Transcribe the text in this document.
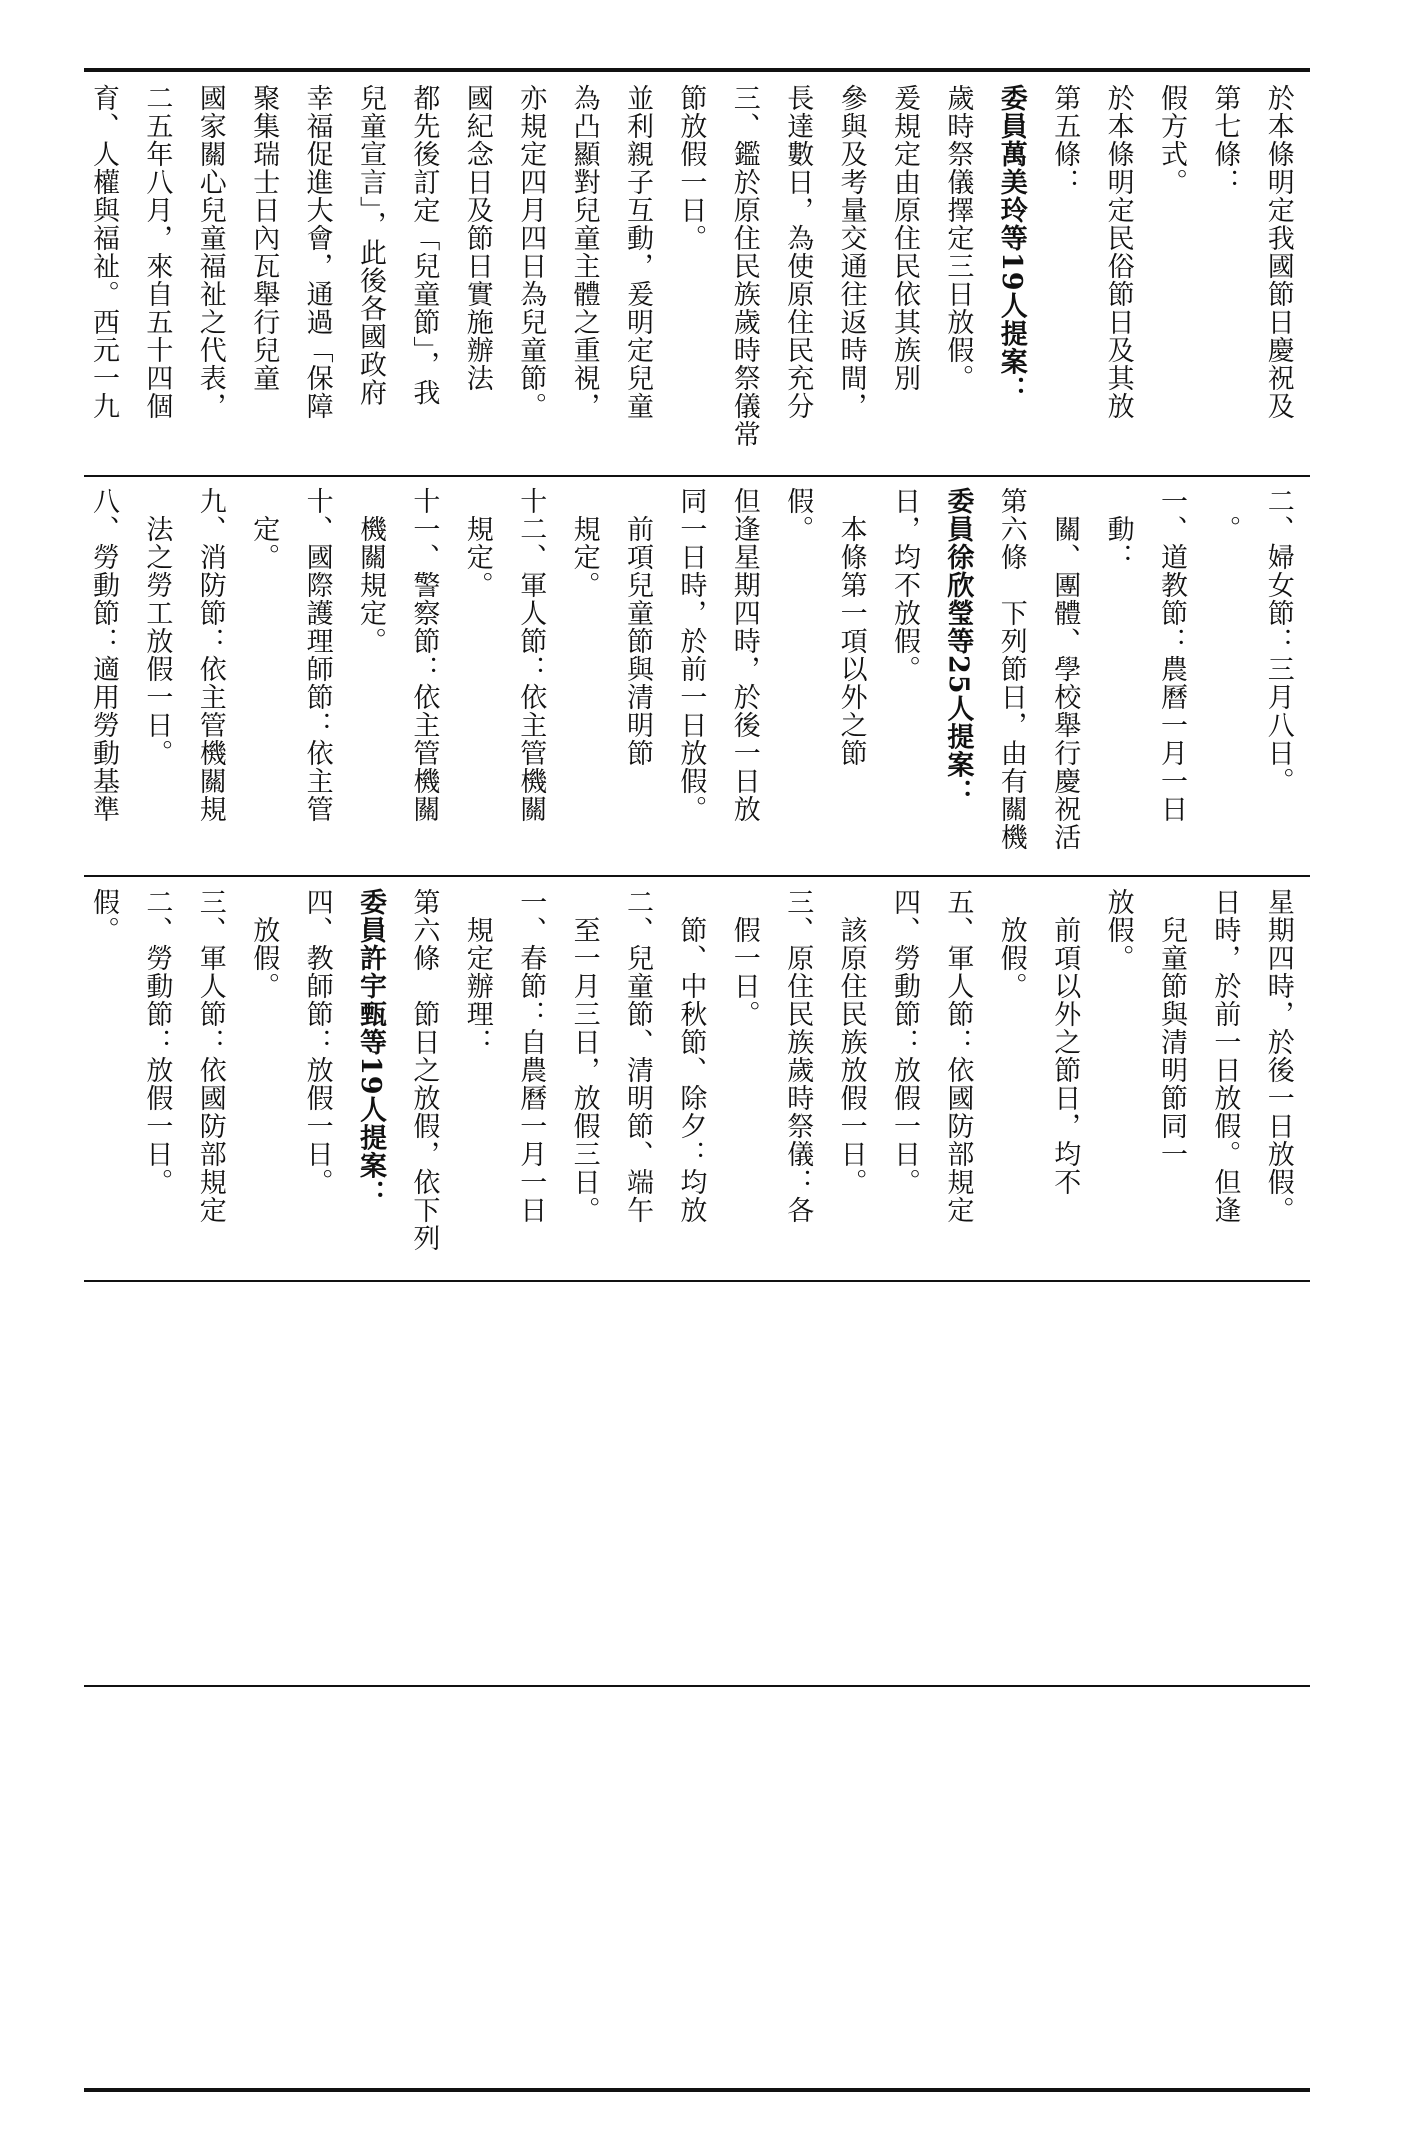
育、人權與福祉。西元一九 二五年八月，來自五十四個 國家關心兒童福祉之代表， 聚集瑞士日內瓦舉行兒童 幸福促進大會，通過「保障 兒童宣言」，此後各國政府 都先後訂定「兒童節」，我 國紀念日及節日實施辦法 亦規定四月四日為兒童節。 為凸顯對兒童主體之重視， 並利親子互動，爰明定兒童 節放假一日。 三、鑑於原住民族歲時祭儀常 長達數日，為使原住民充分 參與及考量交通往返時間， 爰規定由原住民依其族別 歲時祭儀擇定三日放假。 委員萬美玲等19人提案： 第五條： 於本條明定民俗節日及其放 假方式。 第七條： 於本條明定我國節日慶祝及
八、勞動節：適用勞動基準 　法之勞工放假一日。 九、消防節：依主管機關規 　定。 十、國際護理師節：依主管 　機關規定。 十一、警察節：依主管機關 　規定。 十二、軍人節：依主管機關 　規定。 　前項兒童節與清明節 同一日時，於前一日放假。 但逢星期四時，於後一日放 假。 　本條第一項以外之節 日，均不放假。 委員徐欣瑩等25人提案： 第六條　下列節日，由有關機 　關、團體、學校舉行慶祝活 　動： 一、道教節：農曆一月一日 　。 二、婦女節：三月八日。
假。 二、勞動節：放假一日。 三、軍人節：依國防部規定 　放假。 四、教師節：放假一日。 委員許宇甄等19人提案： 第六條　節日之放假，依下列 　規定辦理： 一、春節：自農曆一月一日 　至一月三日，放假三日。 二、兒童節、清明節、端午 　節、中秋節、除夕：均放 　假一日。 三、原住民族歲時祭儀：各 　該原住民族放假一日。 四、勞動節：放假一日。 五、軍人節：依國防部規定 　放假。 　前項以外之節日，均不 放假。 　兒童節與清明節同一 日時，於前一日放假。但逢 星期四時，於後一日放假。
